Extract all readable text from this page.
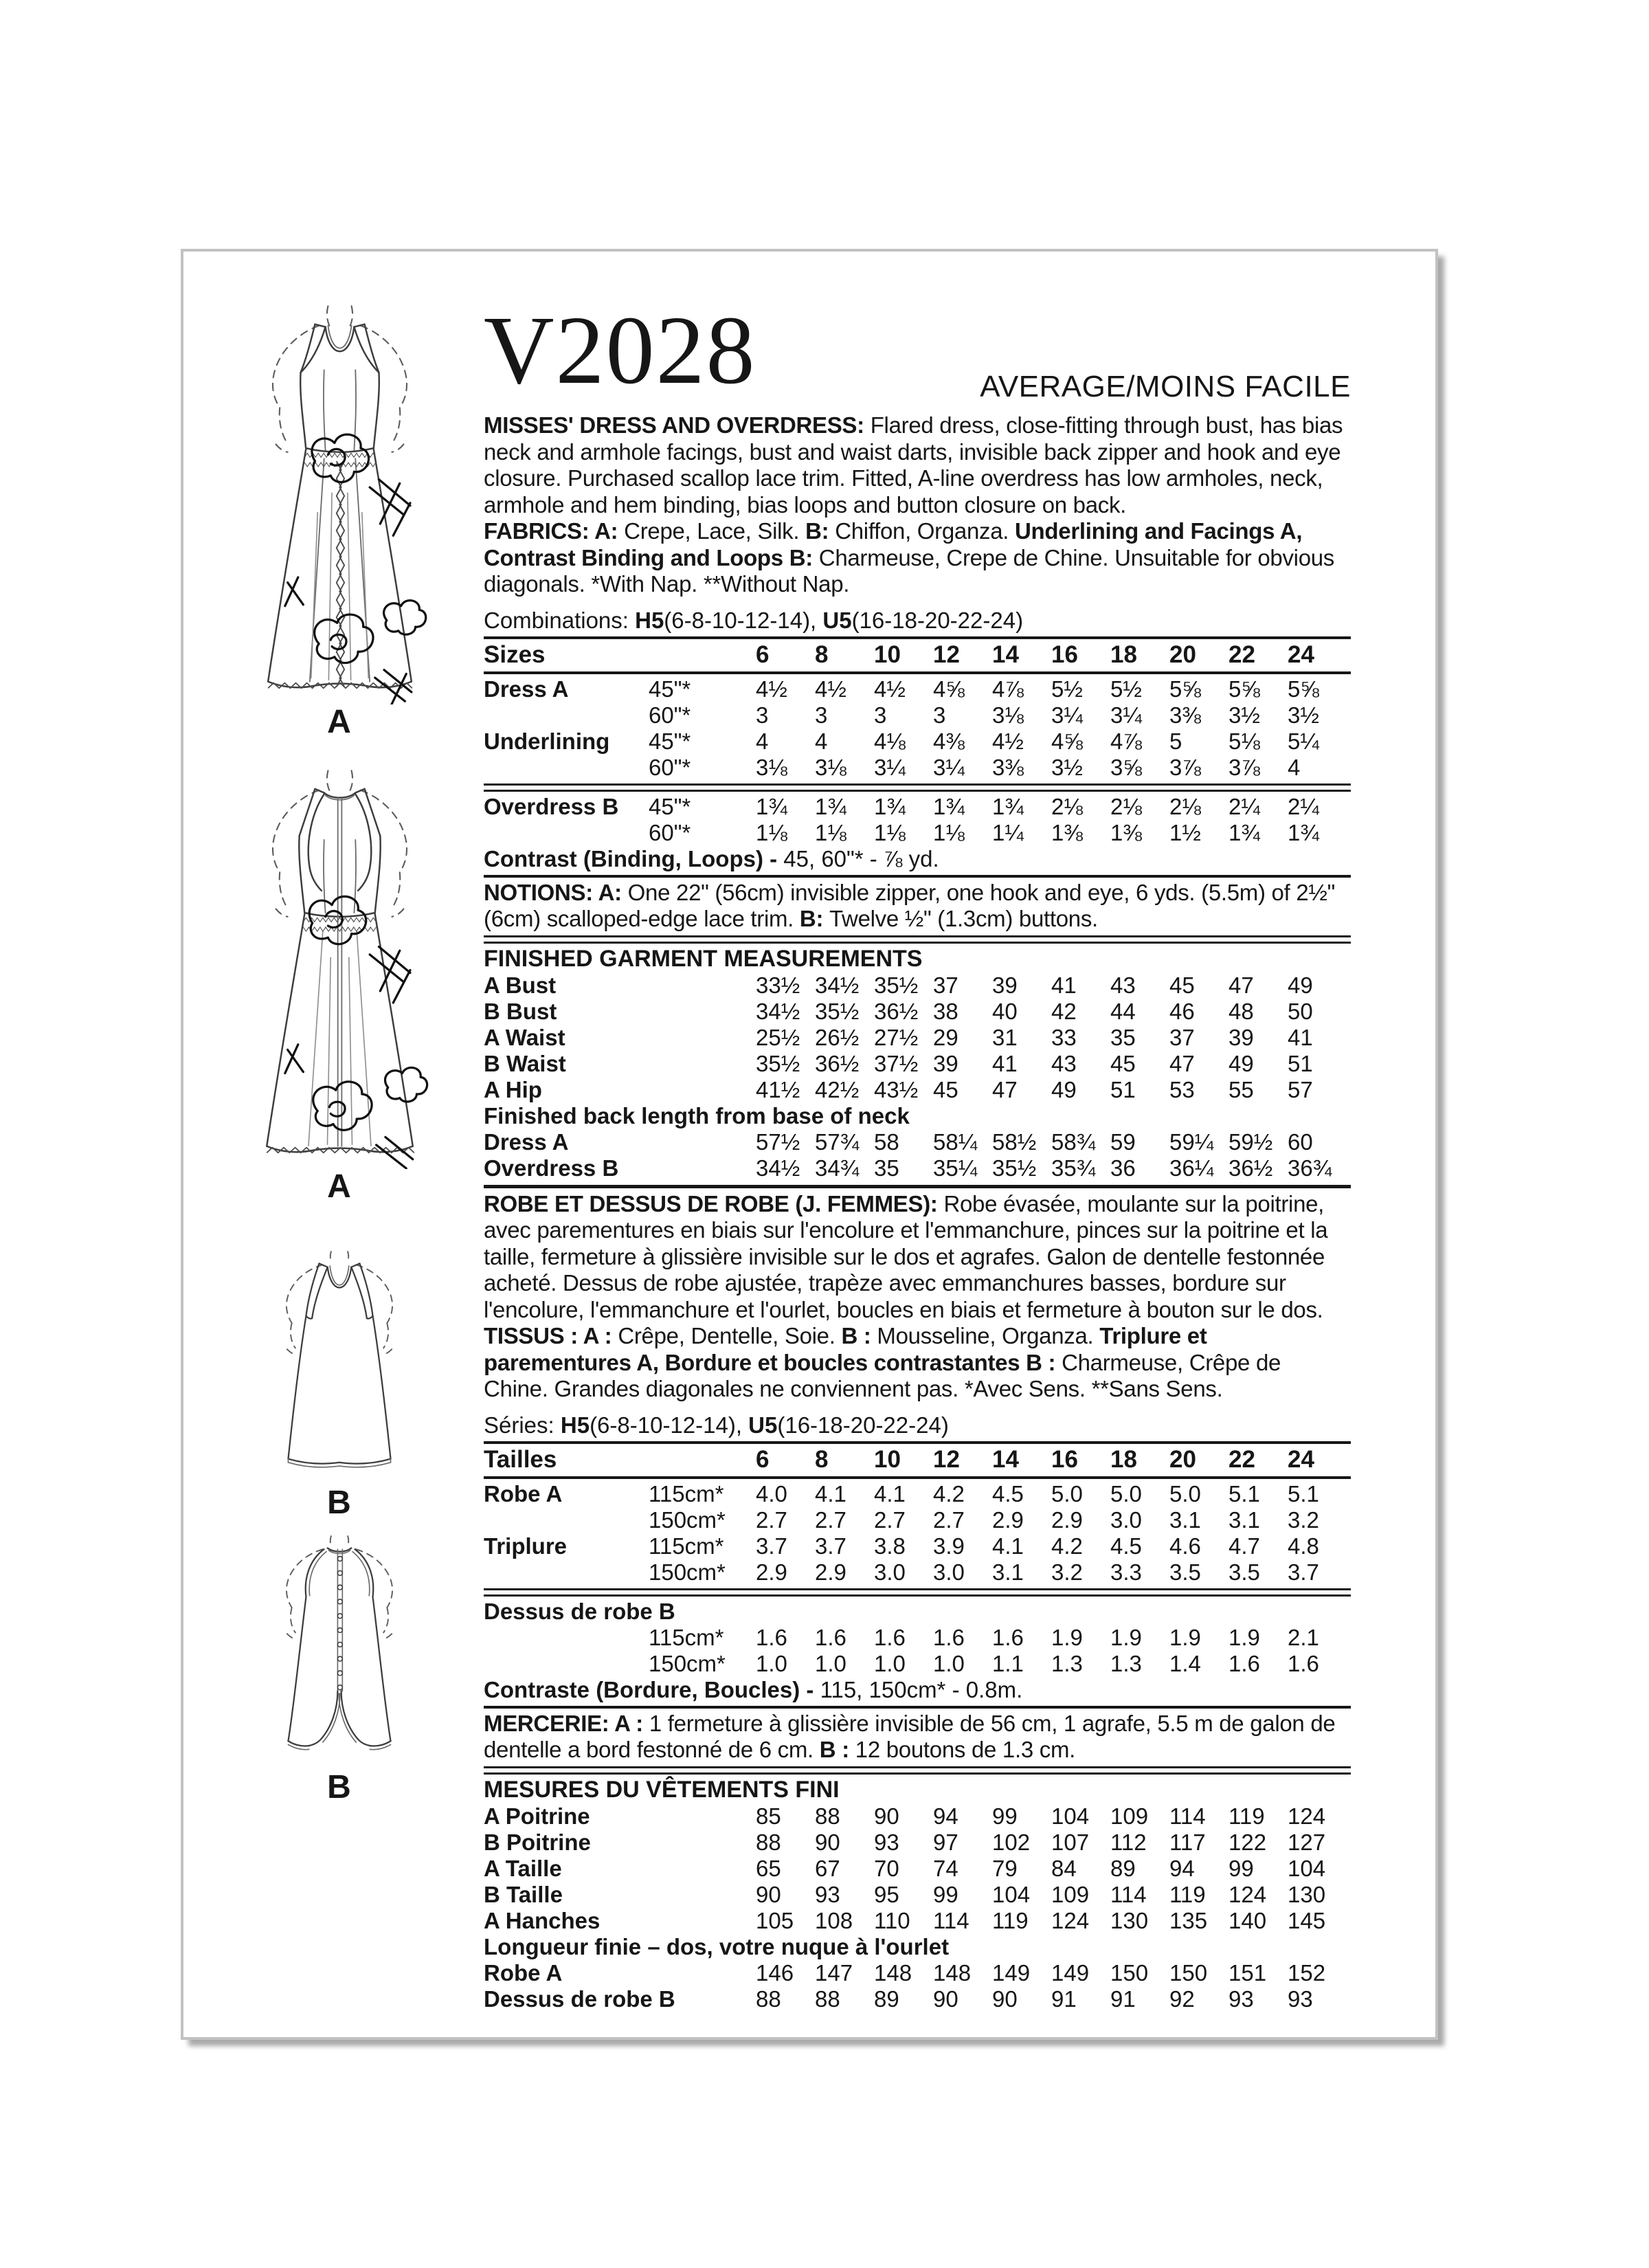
A
A
B
B
V2028	AVERAGE/MOINS FACILE

MISSES' DRESS AND OVERDRESS: Flared dress, close-fitting through bust, has bias neck and armhole facings, bust and waist darts, invisible back zipper and hook and eye closure. Purchased scallop lace trim. Fitted, A-line overdress has low armholes, neck, armhole and hem binding, bias loops and button closure on back.

FABRICS: A: Crepe, Lace, Silk. B: Chiffon, Organza. Underlining and Facings A, Contrast Binding and Loops B: Charmeuse, Crepe de Chine. Unsuitable for obvious diagonals. *With Nap. **Without Nap.

Combinations: H5(6-8-10-12-14), U5(16-18-20-22-24)
Sizes	6	8	10	12	14	16	18	20	22	24
Dress A	45"*	4½	4½	4½	4⅝	4⅞	5½	5½	5⅝	5⅝	5⅝
60"*	3	3	3	3	3⅛	3¼	3¼	3⅜	3½	3½
Underlining	45"*	4	4	4⅛	4⅜	4½	4⅝	4⅞	5	5⅛	5¼
60"*	3⅛	3⅛	3¼	3¼	3⅜	3½	3⅝	3⅞	3⅞	4
Overdress B	45"*	1¾	1¾	1¾	1¾	1¾	2⅛	2⅛	2⅛	2¼	2¼
60"*	1⅛	1⅛	1⅛	1⅛	1¼	1⅜	1⅜	1½	1¾	1¾
Contrast (Binding, Loops) - 45, 60"* - ⅞ yd.

NOTIONS: A: One 22" (56cm) invisible zipper, one hook and eye, 6 yds. (5.5m) of 2½" (6cm) scalloped-edge lace trim. B: Twelve ½" (1.3cm) buttons.

FINISHED GARMENT MEASUREMENTS
A Bust	33½ 34½ 35½ 37	39	41	43	45	47	49
B Bust	34½ 35½ 36½ 38	40	42	44	46	48	50
A Waist	25½ 26½ 27½ 29	31	33	35	37	39	41
B Waist	35½ 36½ 37½ 39	41	43	45	47	49	51
A Hip	41½ 42½ 43½ 45	47	49	51	53	55	57
Finished back length from base of neck
Dress A	57½ 57¾ 58	58¼ 58½ 58¾ 59	59¼ 59½ 60
Overdress B	34½ 34¾ 35	35¼ 35½ 35¾ 36	36¼ 36½ 36¾

ROBE ET DESSUS DE ROBE (J. FEMMES): Robe évasée, moulante sur la poitrine, avec parementures en biais sur l'encolure et l'emmanchure, pinces sur la poitrine et la taille, fermeture à glissière invisible sur le dos et agrafes. Galon de dentelle festonnée acheté. Dessus de robe ajustée, trapèze avec emmanchures basses, bordure sur l'encolure, l'emmanchure et l'ourlet, boucles en biais et fermeture à bouton sur le dos.

TISSUS : A : Crêpe, Dentelle, Soie. B : Mousseline, Organza. Triplure et parementures A, Bordure et boucles contrastantes B : Charmeuse, Crêpe de Chine. Grandes diagonales ne conviennent pas. *Avec Sens. **Sans Sens.

Séries: H5(6-8-10-12-14), U5(16-18-20-22-24)
Tailles	6	8	10	12	14	16	18	20	22	24
Robe A	115cm*	4.0	4.1	4.1	4.2	4.5	5.0	5.0	5.0	5.1	5.1
150cm*	2.7	2.7	2.7	2.7	2.9	2.9	3.0	3.1	3.1	3.2
Triplure	115cm*	3.7	3.7	3.8	3.9	4.1	4.2	4.5	4.6	4.7	4.8
150cm*	2.9	2.9	3.0	3.0	3.1	3.2	3.3	3.5	3.5	3.7
Dessus de robe B
115cm*	1.6	1.6	1.6	1.6	1.6	1.9	1.9	1.9	1.9	2.1
150cm*	1.0	1.0	1.0	1.0	1.1	1.3	1.3	1.4	1.6	1.6
Contraste (Bordure, Boucles) - 115, 150cm* - 0.8m.

MERCERIE: A : 1 fermeture à glissière invisible de 56 cm, 1 agrafe, 5.5 m de galon de dentelle a bord festonné de 6 cm. B : 12 boutons de 1.3 cm.

MESURES DU VÊTEMENTS FINI
A Poitrine	85	88	90	94	99	104 109 114	119	124
B Poitrine	88	90	93	97	102 107 112	117	122 127
A Taille	65	67	70	74	79	84	89	94	99	104
B Taille	90	93	95	99	104 109 114	119	124 130
A Hanches	105 108 110	114	119	124 130 135 140 145
Longueur finie – dos, votre nuque à l'ourlet
Robe A	146 147 148 148 149 149 150 150 151 152
Dessus de robe B	88	88	89	90	90	91	91	92	93	93
